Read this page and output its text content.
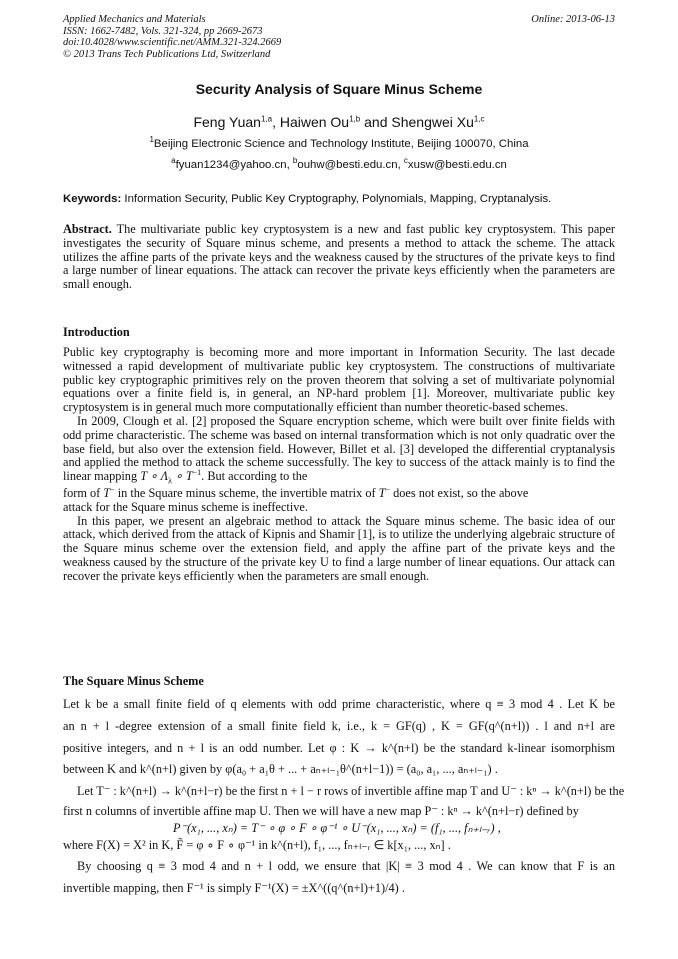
Applied Mechanics and Materials
ISSN: 1662-7482, Vols. 321-324, pp 2669-2673
doi:10.4028/www.scientific.net/AMM.321-324.2669
© 2013 Trans Tech Publications Ltd, Switzerland
Online: 2013-06-13
Security Analysis of Square Minus Scheme
Feng Yuan$^{1,a}$, Haiwen Ou$^{1,b}$ and Shengwei Xu$^{1,c}$
$^1$Beijing Electronic Science and Technology Institute, Beijing 100070, China
$^a$fyuan1234@yahoo.cn, $^b$ouhw@besti.edu.cn, $^c$xusw@besti.edu.cn
Keywords: Information Security, Public Key Cryptography, Polynomials, Mapping, Cryptanalysis.
Abstract. The multivariate public key cryptosystem is a new and fast public key cryptosystem. This paper investigates the security of Square minus scheme, and presents a method to attack the scheme. The attack utilizes the affine parts of the private keys and the weakness caused by the structures of the private keys to find a large number of linear equations. The attack can recover the private keys efficiently when the parameters are small enough.
Introduction

Public key cryptography is becoming more and more important in Information Security. The last decade witnessed a rapid development of multivariate public key cryptosystem. The constructions of multivariate public key cryptographic primitives rely on the proven theorem that solving a set of multivariate polynomial equations over a finite field is, in general, an NP-hard problem [1]. Moreover, multivariate public key cryptosystem is in general much more computationally efficient than number theoretic-based schemes.

In 2009, Clough et al. [2] proposed the Square encryption scheme, which were built over finite fields with odd prime characteristic. The scheme was based on internal transformation which is not only quadratic over the base field, but also over the extension field. However, Billet et al. [3] developed the differential cryptanalysis and applied the method to attack the scheme successfully. The key to success of the attack mainly is to find the linear mapping T ∘ $\Lambda_\lambda$ ∘ $T^{-1}$. But according to the

form of T− in the Square minus scheme, the invertible matrix of T− does not exist, so the above

attack for the Square minus scheme is ineffective.

In this paper, we present an algebraic method to attack the Square minus scheme. The basic idea of our attack, which derived from the attack of Kipnis and Shamir [1], is to utilize the underlying algebraic structure of the Square minus scheme over the extension field, and apply the affine part of the private keys and the weakness caused by the structure of the private key U to find a large number of linear equations. Our attack can recover the private keys efficiently when the parameters are small enough.

The Square Minus Scheme
Let k be a small finite field of q elements with odd prime characteristic, where q ≡ 3 mod 4 . Let K be
an n + l -degree extension of a small finite field k, i.e., k = GF(q) , K = GF(q^(n+l)) . l and n+l are
positive integers, and n + l is an odd number. Let φ : K → k^(n+l) be the standard k-linear isomorphism
between K and k^(n+l) given by φ(a₀ + a₁θ + ... + aₙ₊ₗ₋₁θ^(n+l−1)) = (a₀, a₁, ..., aₙ₊ₗ₋₁) .
Let T⁻ : k^(n+l) → k^(n+l−r) be the first n + l − r rows of invertible affine map T and U⁻ : kⁿ → k^(n+l) be the
first n columns of invertible affine map U. Then we will have a new map P⁻ : kⁿ → k^(n+l−r) defined by
P⁻(x₁, ..., xₙ) = T⁻ ∘ φ ∘ F ∘ φ⁻¹ ∘ U⁻(x₁, ..., xₙ) = (f₁, ..., fₙ₊ₗ₋ᵣ) ,
where F(X) = X² in K, F̃ = φ ∘ F ∘ φ⁻¹ in k^(n+l), f₁, ..., fₙ₊ₗ₋ᵣ ∈ k[x₁, ..., xₙ] .
By choosing q ≡ 3 mod 4 and n + l odd, we ensure that |K| ≡ 3 mod 4 . We can know that F is an
invertible mapping, then F⁻¹ is simply F⁻¹(X) = ±X^((q^(n+l)+1)/4) .
